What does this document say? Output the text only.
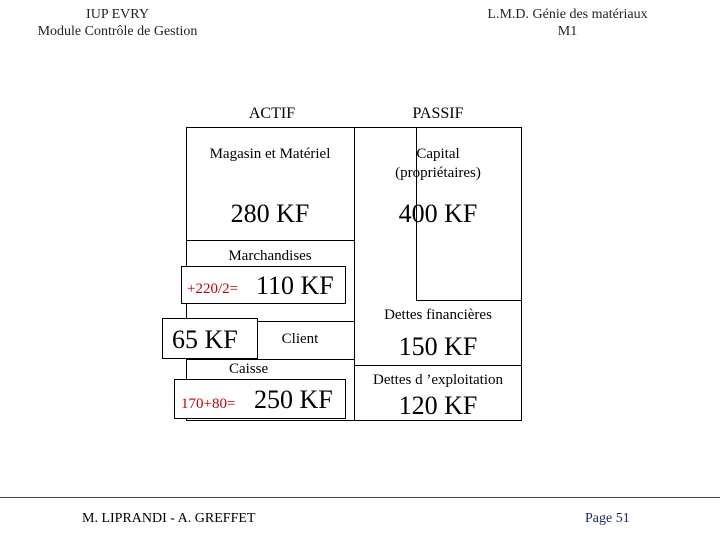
IUP EVRY
Module Contrôle de Gestion
L.M.D. Génie des matériaux
M1
ACTIF	PASSIF
Magasin et Matériel
280 KF
Capital
(propriétaires)
400 KF
Marchandises
+220/2= 110 KF
Dettes financières
150 KF
65 KF	Client
Caisse
170+80= 250 KF
Dettes d ’exploitation
120 KF
M. LIPRANDI - A. GREFFET	Page 51
